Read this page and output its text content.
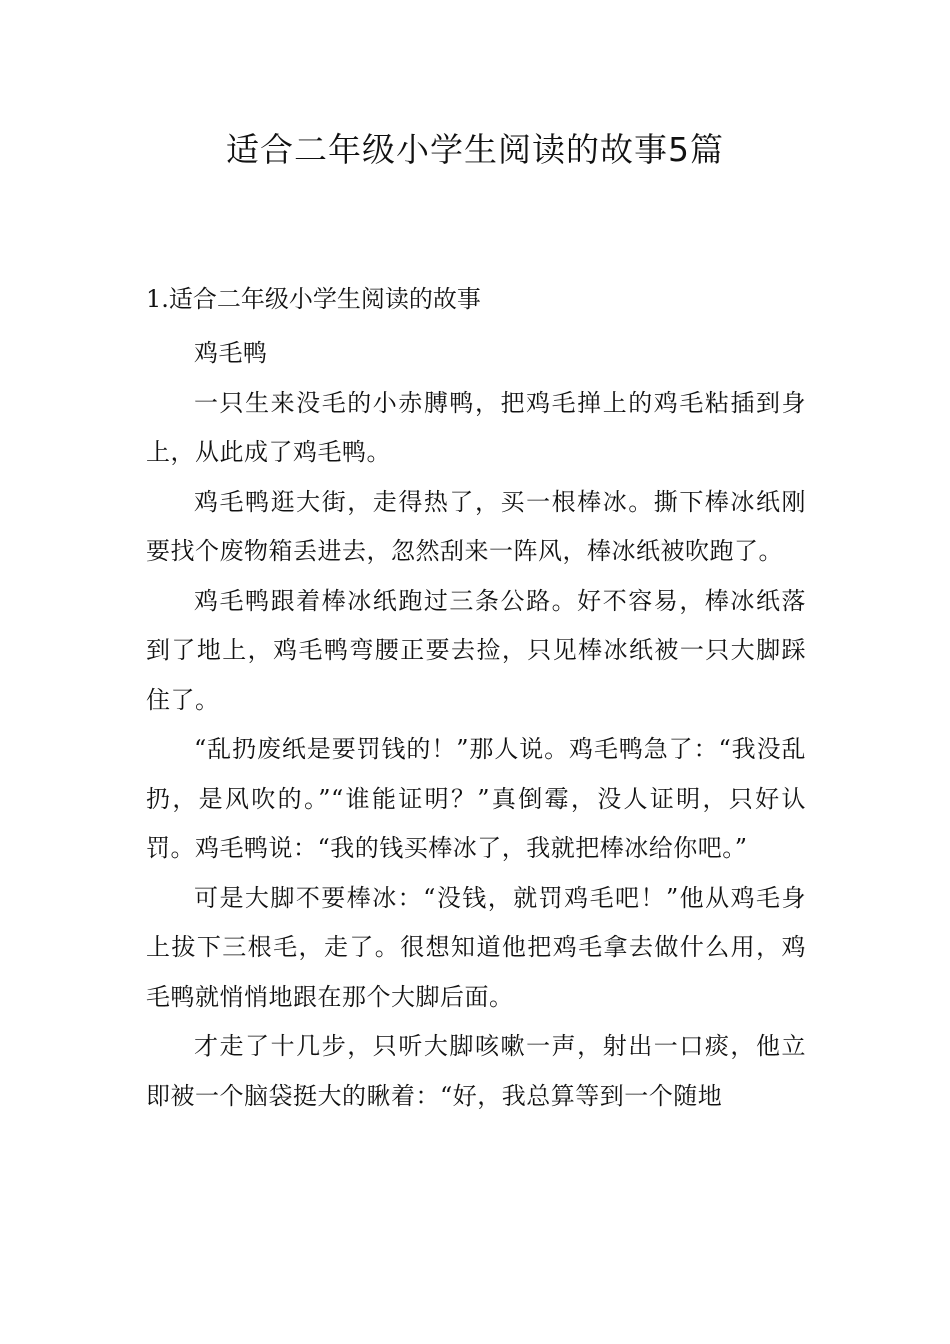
适合二年级小学生阅读的故事5篇

1.适合二年级小学生阅读的故事

鸡毛鸭

一只生来没毛的小赤膊鸭，把鸡毛掸上的鸡毛粘插到身上，从此成了鸡毛鸭。

鸡毛鸭逛大街，走得热了，买一根棒冰。撕下棒冰纸刚要找个废物箱丢进去，忽然刮来一阵风，棒冰纸被吹跑了。

鸡毛鸭跟着棒冰纸跑过三条公路。好不容易，棒冰纸落到了地上，鸡毛鸭弯腰正要去捡，只见棒冰纸被一只大脚踩住了。

“乱扔废纸是要罚钱的！”那人说。鸡毛鸭急了：“我没乱扔，是风吹的。”“谁能证明？”真倒霉，没人证明，只好认罚。鸡毛鸭说：“我的钱买棒冰了，我就把棒冰给你吧。”

可是大脚不要棒冰：“没钱，就罚鸡毛吧！”他从鸡毛身上拔下三根毛，走了。很想知道他把鸡毛拿去做什么用，鸡毛鸭就悄悄地跟在那个大脚后面。

才走了十几步，只听大脚咳嗽一声，射出一口痰，他立即被一个脑袋挺大的瞅着：“好，我总算等到一个随地
